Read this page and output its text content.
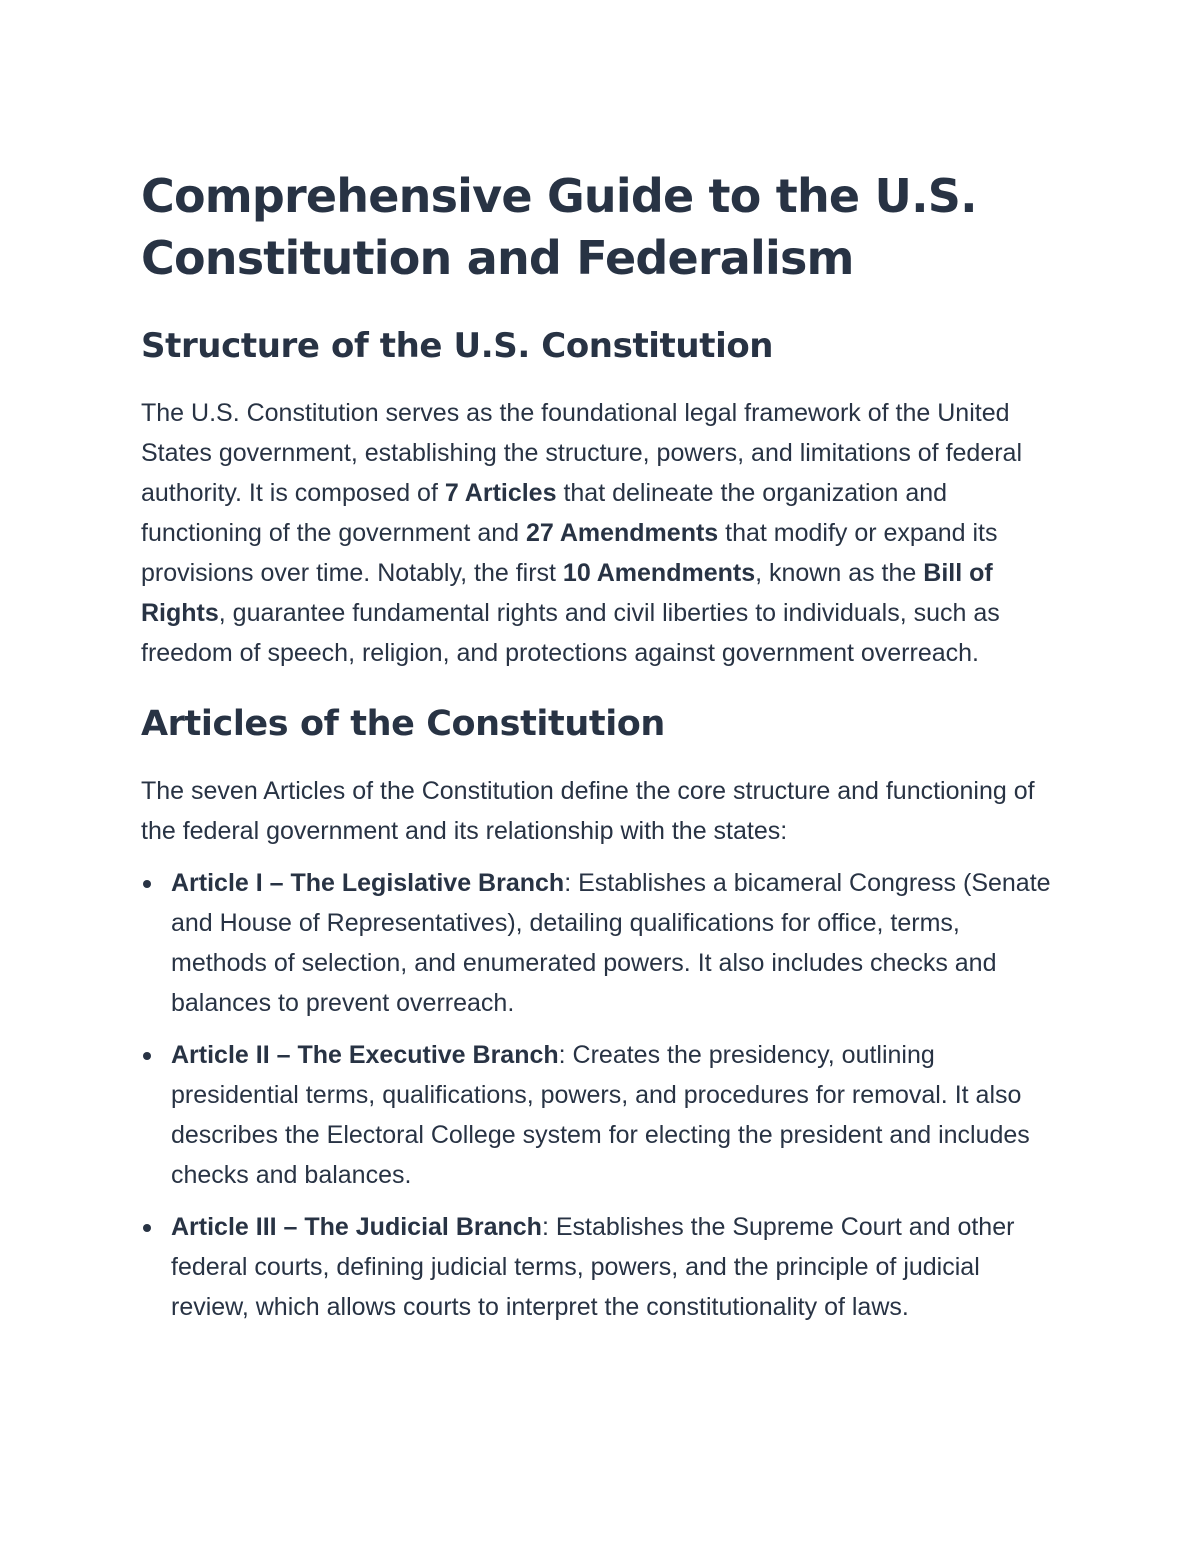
Comprehensive Guide to the U.S. Constitution and Federalism
Structure of the U.S. Constitution

The U.S. Constitution serves as the foundational legal framework of the United States government, establishing the structure, powers, and limitations of federal authority. It is composed of 7 Articles that delineate the organization and functioning of the government and 27 Amendments that modify or expand its provisions over time. Notably, the first 10 Amendments, known as the Bill of Rights, guarantee fundamental rights and civil liberties to individuals, such as freedom of speech, religion, and protections against government overreach.

Articles of the Constitution

The seven Articles of the Constitution define the core structure and functioning of the federal government and its relationship with the states:

Article I – The Legislative Branch: Establishes a bicameral Congress (Senate and House of Representatives), detailing qualifications for office, terms, methods of selection, and enumerated powers. It also includes checks and balances to prevent overreach.
Article II – The Executive Branch: Creates the presidency, outlining presidential terms, qualifications, powers, and procedures for removal. It also describes the Electoral College system for electing the president and includes checks and balances.
Article III – The Judicial Branch: Establishes the Supreme Court and other federal courts, defining judicial terms, powers, and the principle of judicial review, which allows courts to interpret the constitutionality of laws.
